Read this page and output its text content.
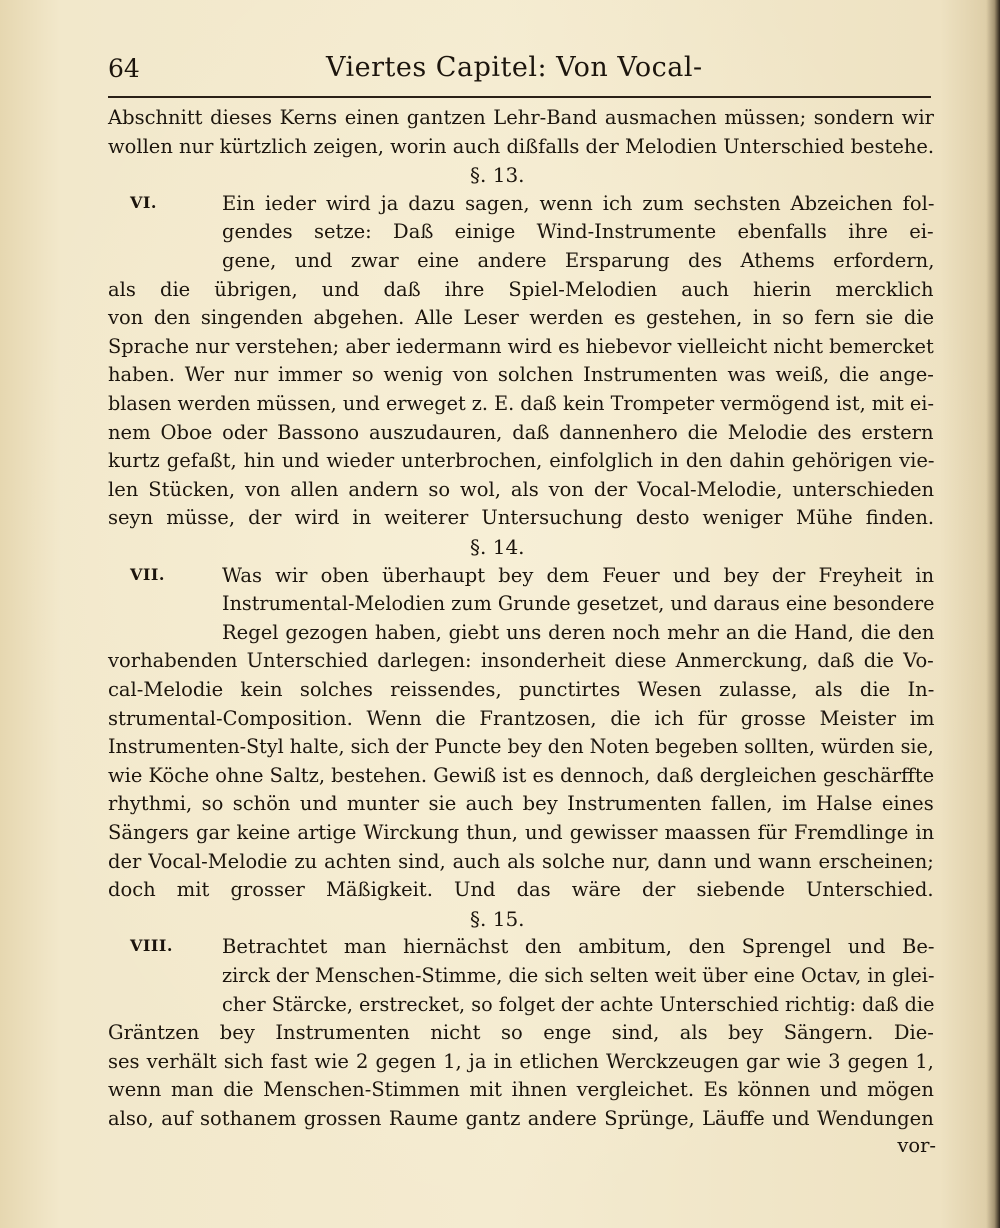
64	Viertes Capitel: Von Vocal-
Abschnitt dieses Kerns einen gantzen Lehr-Band ausmachen müssen; sondern wir
wollen nur kürtzlich zeigen, worin auch dißfalls der Melodien Unterschied bestehe.
§. 13.
VI.	Ein ieder wird ja dazu sagen, wenn ich zum sechsten Abzeichen fol-
gendes setze: Daß einige Wind-Instrumente ebenfalls ihre ei-
gene, und zwar eine andere Ersparung des Athems erfordern,
als die übrigen, und daß ihre Spiel-Melodien auch hierin mercklich
von den singenden abgehen. Alle Leser werden es gestehen, in so fern sie die
Sprache nur verstehen; aber iedermann wird es hiebevor vielleicht nicht bemercket
haben. Wer nur immer so wenig von solchen Instrumenten was weiß, die ange-
blasen werden müssen, und erweget z. E. daß kein Trompeter vermögend ist, mit ei-
nem Oboe oder Bassono auszudauren, daß dannenhero die Melodie des erstern
kurtz gefaßt, hin und wieder unterbrochen, einfolglich in den dahin gehörigen vie-
len Stücken, von allen andern so wol, als von der Vocal-Melodie, unterschieden
seyn müsse, der wird in weiterer Untersuchung desto weniger Mühe finden.
§. 14.
VII.	Was wir oben überhaupt bey dem Feuer und bey der Freyheit in
Instrumental-Melodien zum Grunde gesetzet, und daraus eine besondere
Regel gezogen haben, giebt uns deren noch mehr an die Hand, die den
vorhabenden Unterschied darlegen: insonderheit diese Anmerckung, daß die Vo-
cal-Melodie kein solches reissendes, punctirtes Wesen zulasse, als die In-
strumental-Composition. Wenn die Frantzosen, die ich für grosse Meister im
Instrumenten-Styl halte, sich der Puncte bey den Noten begeben sollten, würden sie,
wie Köche ohne Saltz, bestehen. Gewiß ist es dennoch, daß dergleichen geschärffte
rhythmi, so schön und munter sie auch bey Instrumenten fallen, im Halse eines
Sängers gar keine artige Wirckung thun, und gewisser maassen für Fremdlinge in
der Vocal-Melodie zu achten sind, auch als solche nur, dann und wann erscheinen;
doch mit grosser Mäßigkeit. Und das wäre der siebende Unterschied.
§. 15.
VIII.	Betrachtet man hiernächst den ambitum, den Sprengel und Be-
zirck der Menschen-Stimme, die sich selten weit über eine Octav, in glei-
cher Stärcke, erstrecket, so folget der achte Unterschied richtig: daß die
Gräntzen bey Instrumenten nicht so enge sind, als bey Sängern. Die-
ses verhält sich fast wie 2 gegen 1, ja in etlichen Werckzeugen gar wie 3 gegen 1,
wenn man die Menschen-Stimmen mit ihnen vergleichet. Es können und mögen
also, auf sothanem grossen Raume gantz andere Sprünge, Läuffe und Wendungen
vor-
